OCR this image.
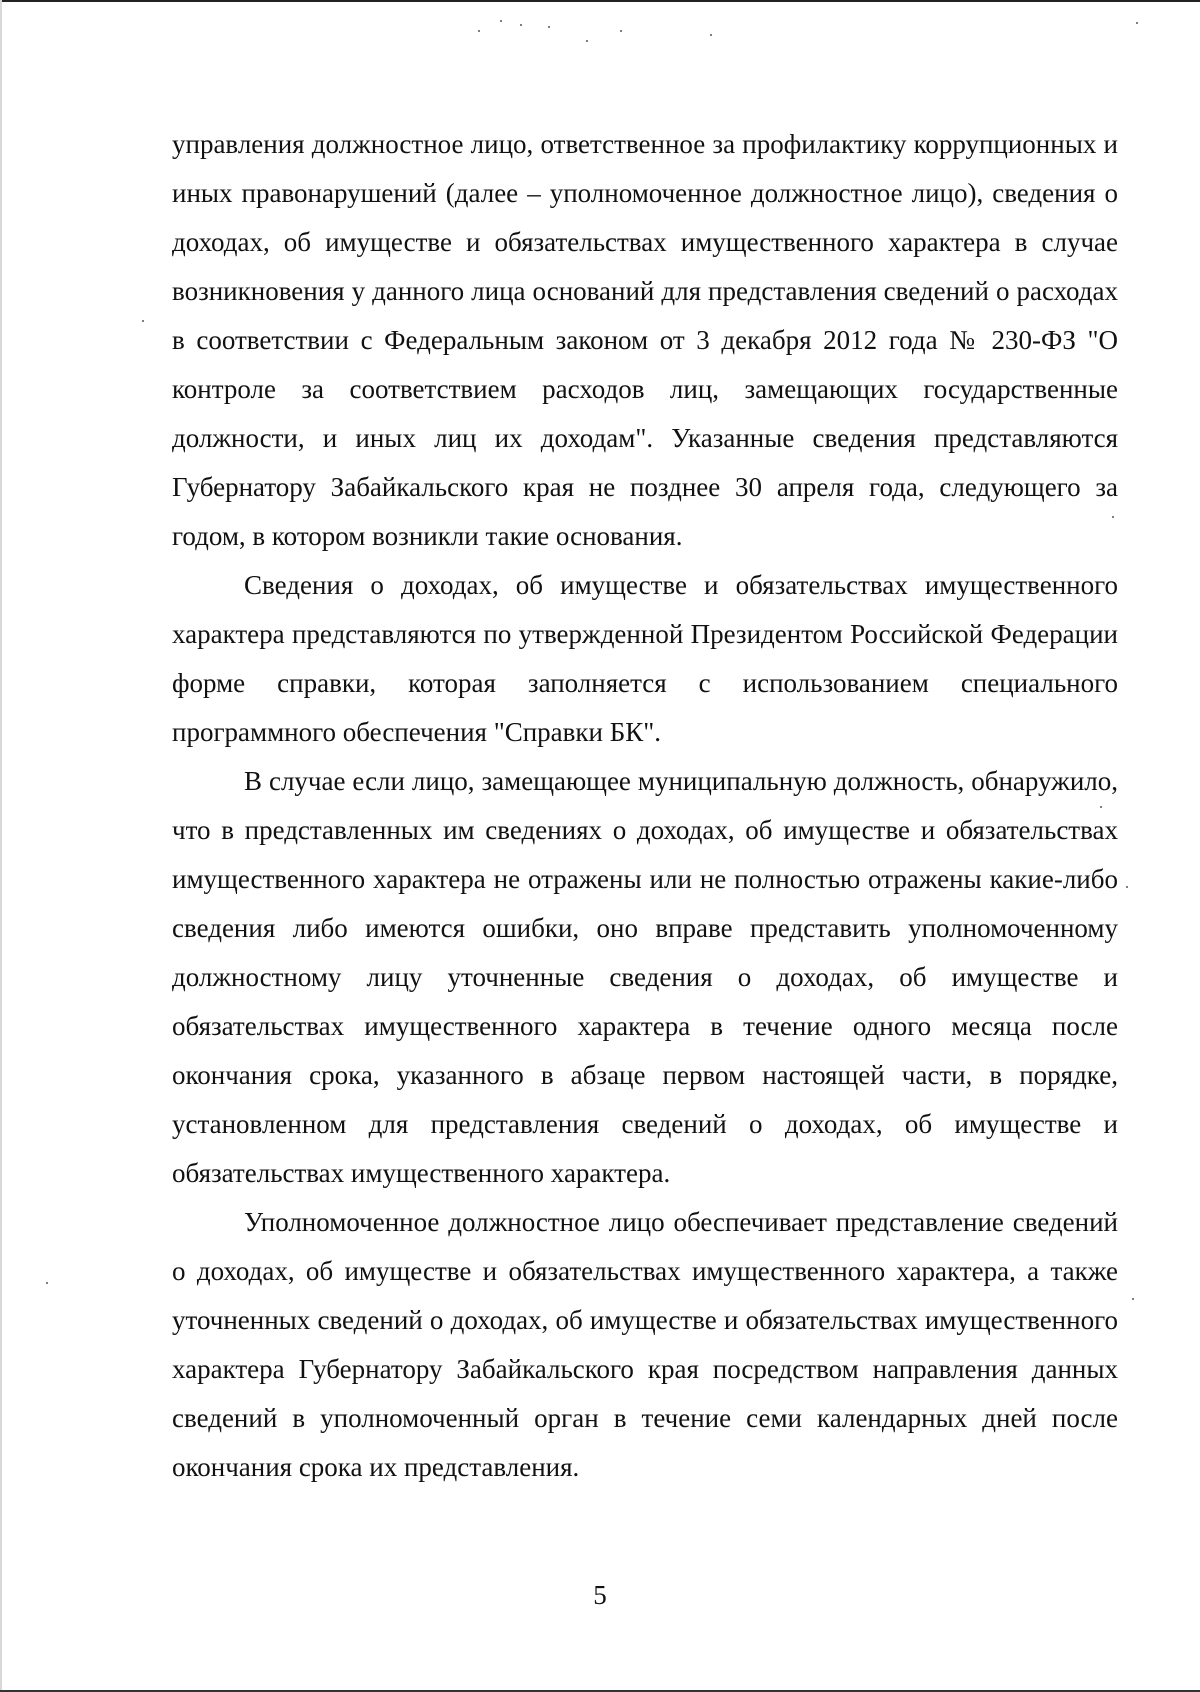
управления должностное лицо, ответственное за профилактику коррупционных и иных правонарушений (далее – уполномоченное должностное лицо), сведения о доходах, об имуществе и обязательствах имущественного характера в случае возникновения у данного лица оснований для представления сведений о расходах в соответствии с Федеральным законом от 3 декабря 2012 года № 230-ФЗ "О контроле за соответствием расходов лиц, замещающих государственные должности, и иных лиц их доходам". Указанные сведения представляются Губернатору Забайкальского края не позднее 30 апреля года, следующего за годом, в котором возникли такие основания.

Сведения о доходах, об имуществе и обязательствах имущественного характера представляются по утвержденной Президентом Российской Федерации форме справки, которая заполняется с использованием специального программного обеспечения "Справки БК".

В случае если лицо, замещающее муниципальную должность, обнаружило, что в представленных им сведениях о доходах, об имуществе и обязательствах имущественного характера не отражены или не полностью отражены какие-либо сведения либо имеются ошибки, оно вправе представить уполномоченному должностному лицу уточненные сведения о доходах, об имуществе и обязательствах имущественного характера в течение одного месяца после окончания срока, указанного в абзаце первом настоящей части, в порядке, установленном для представления сведений о доходах, об имуществе и обязательствах имущественного характера.

Уполномоченное должностное лицо обеспечивает представление сведений о доходах, об имуществе и обязательствах имущественного характера, а также уточненных сведений о доходах, об имуществе и обязательствах имущественного характера Губернатору Забайкальского края посредством направления данных сведений в уполномоченный орган в течение семи календарных дней после окончания срока их представления.

5
